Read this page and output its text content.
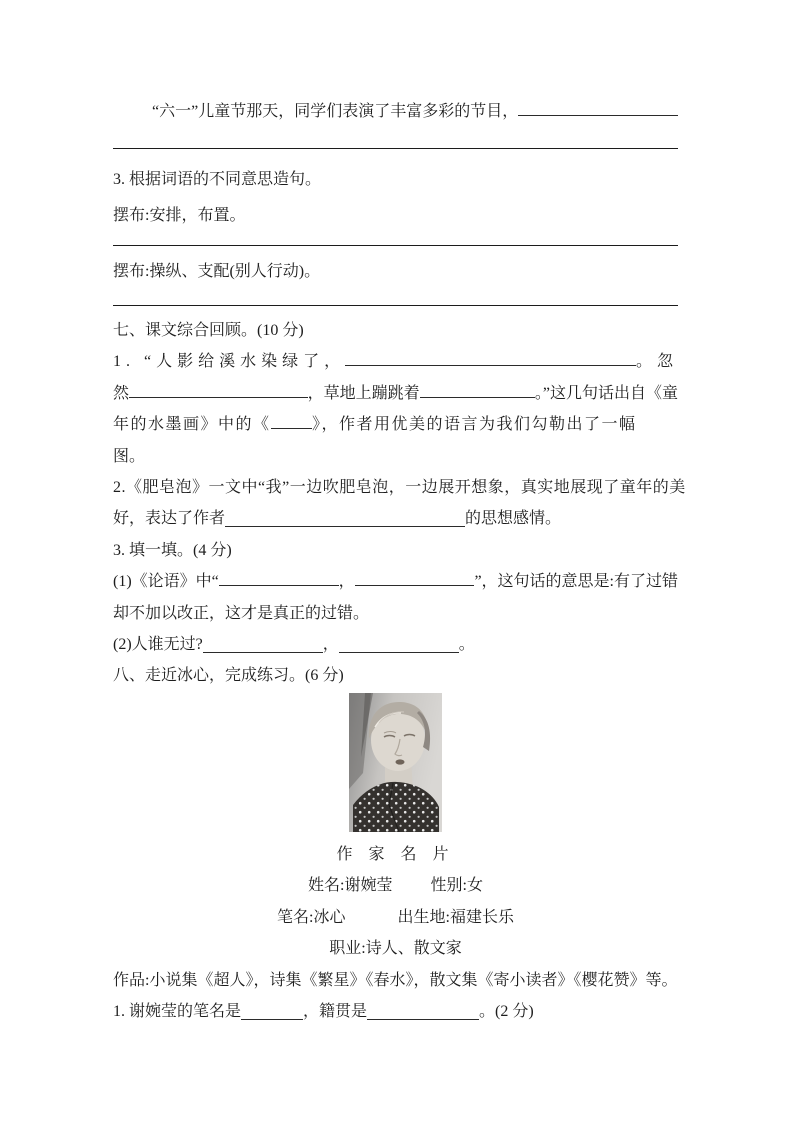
“六一”儿童节那天，同学们表演了丰富多彩的节目，
3. 根据词语的不同意思造句。
摆布:安排，布置。
摆布:操纵、支配(别人行动)。
七、课文综合回顾。(10 分)
1. “人影给溪水染绿了，	。忽
然	，草地上蹦跳着	。”这几句话出自《童
年的水墨画》中的《	》，作者用优美的语言为我们勾勒出了一幅
图。
2.《肥皂泡》一文中“我”一边吹肥皂泡，一边展开想象，真实地展现了童年的美
好，表达了作者	的思想感情。
3. 填一填。(4 分)
(1)《论语》中“	，	”，这句话的意思是:有了过错
却不加以改正，这才是真正的过错。
(2)人谁无过?	，	。
八、走近冰心，完成练习。(6 分)
作 家 名 片
姓名:谢婉莹 性别:女
笔名:冰心	出生地:福建长乐
职业:诗人、散文家
作品:小说集《超人》，诗集《繁星》《春水》，散文集《寄小读者》《樱花赞》等。
1. 谢婉莹的笔名是	，籍贯是	。(2 分)
